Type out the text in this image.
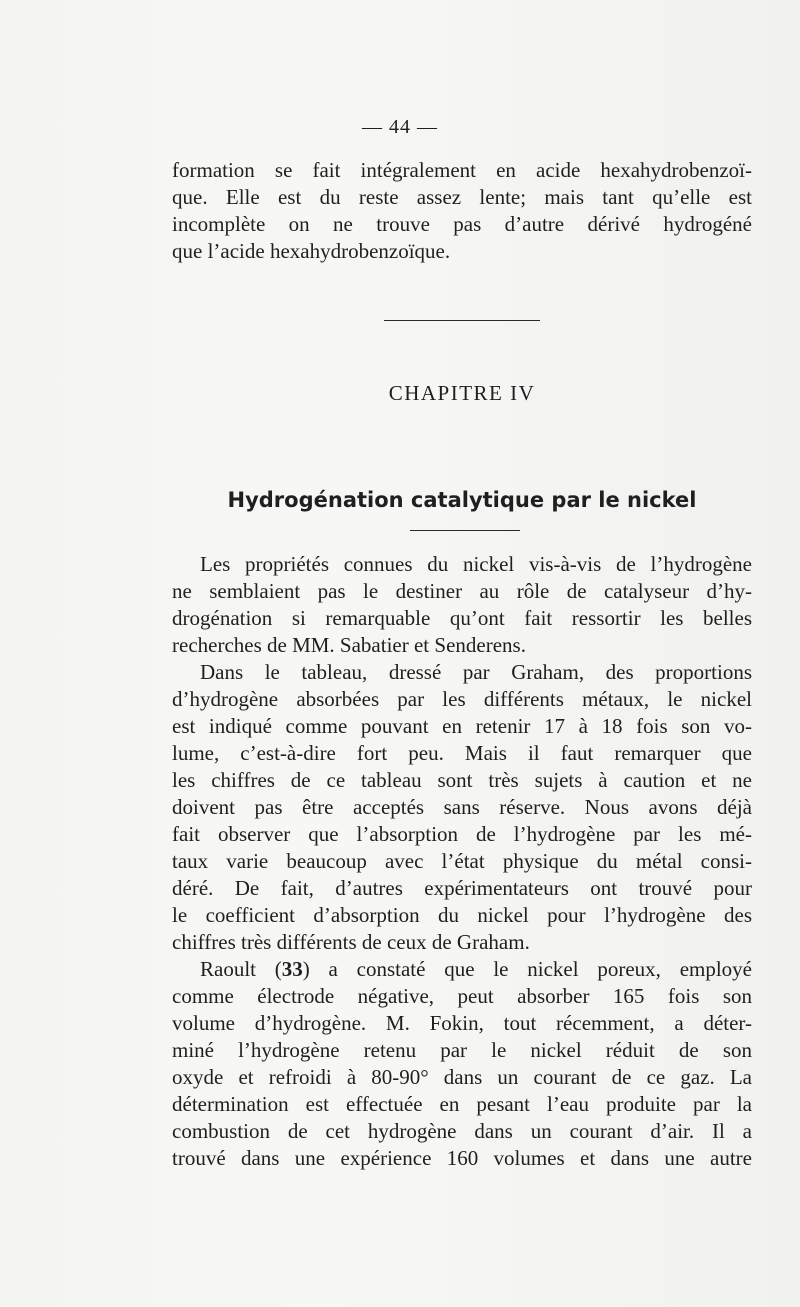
— 44 —

formation se fait intégralement en acide hexahydrobenzoï-
que. Elle est du reste assez lente; mais tant qu’elle est
incomplète on ne trouve pas d’autre dérivé hydrogéné
que l’acide hexahydrobenzoïque.

CHAPITRE IV
Hydrogénation catalytique par le nickel

Les propriétés connues du nickel vis-à-vis de l’hydrogène
ne semblaient pas le destiner au rôle de catalyseur d’hy-
drogénation si remarquable qu’ont fait ressortir les belles
recherches de MM. Sabatier et Senderens.

Dans le tableau, dressé par Graham, des proportions
d’hydrogène absorbées par les différents métaux, le nickel
est indiqué comme pouvant en retenir 17 à 18 fois son vo-
lume, c’est-à-dire fort peu. Mais il faut remarquer que
les chiffres de ce tableau sont très sujets à caution et ne
doivent pas être acceptés sans réserve. Nous avons déjà
fait observer que l’absorption de l’hydrogène par les mé-
taux varie beaucoup avec l’état physique du métal consi-
déré. De fait, d’autres expérimentateurs ont trouvé pour
le coefficient d’absorption du nickel pour l’hydrogène des
chiffres très différents de ceux de Graham.

Raoult (33) a constaté que le nickel poreux, employé
comme électrode négative, peut absorber 165 fois son
volume d’hydrogène. M. Fokin, tout récemment, a déter-
miné l’hydrogène retenu par le nickel réduit de son
oxyde et refroidi à 80-90° dans un courant de ce gaz. La
détermination est effectuée en pesant l’eau produite par la
combustion de cet hydrogène dans un courant d’air. Il a
trouvé dans une expérience 160 volumes et dans une autre
